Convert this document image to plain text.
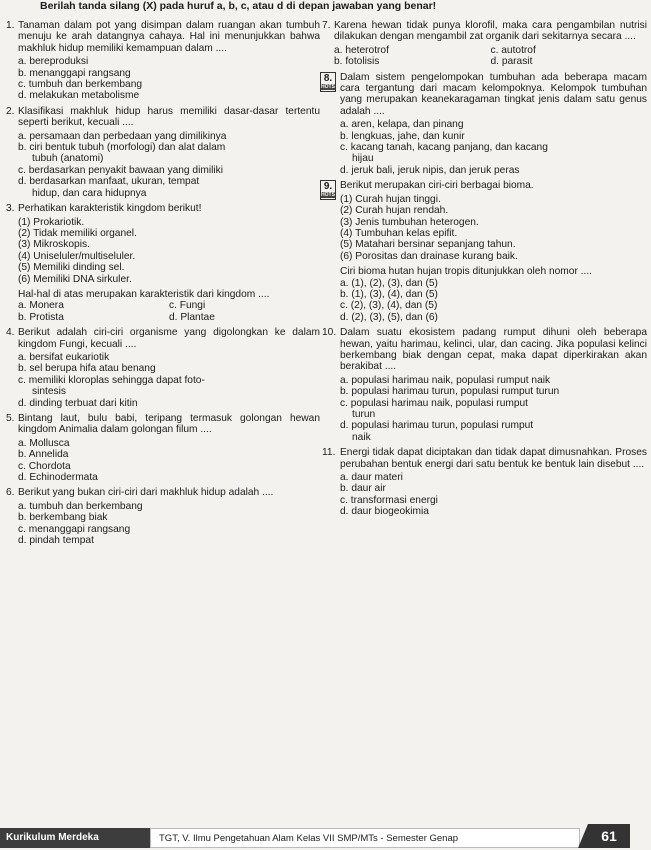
Berilah tanda silang (X) pada huruf a, b, c, atau d di depan jawaban yang benar!
1. Tanaman dalam pot yang disimpan dalam ruangan akan tumbuh menuju ke arah datangnya cahaya. Hal ini menunjukkan bahwa makhluk hidup memiliki kemampuan dalam ....
a. bereproduksi
b. menanggapi rangsang
c. tumbuh dan berkembang
d. melakukan metabolisme
2. Klasifikasi makhluk hidup harus memiliki dasar-dasar tertentu seperti berikut, kecuali ....
a. persamaan dan perbedaan yang dimilikinya
b. ciri bentuk tubuh (morfologi) dan alat dalam
tubuh (anatomi)
c. berdasarkan penyakit bawaan yang dimiliki
d. berdasarkan manfaat, ukuran, tempat
hidup, dan cara hidupnya
3. Perhatikan karakteristik kingdom berikut!
(1) Prokariotik.
(2) Tidak memiliki organel.
(3) Mikroskopis.
(4) Uniseluler/multiseluler.
(5) Memiliki dinding sel.
(6) Memiliki DNA sirkuler.
Hal-hal di atas merupakan karakteristik dari kingdom ....
a. Monera	c. Fungi
b. Protista	d. Plantae
4. Berikut adalah ciri-ciri organisme yang digolongkan ke dalam kingdom Fungi, kecuali ....
a. bersifat eukariotik
b. sel berupa hifa atau benang
c. memiliki kloroplas sehingga dapat foto-
sintesis
d. dinding terbuat dari kitin
5. Bintang laut, bulu babi, teripang termasuk golongan hewan kingdom Animalia dalam golongan filum ....
a. Mollusca
b. Annelida
c. Chordota
d. Echinodermata
6. Berikut yang bukan ciri-ciri dari makhluk hidup adalah ....
a. tumbuh dan berkembang
b. berkembang biak
c. menanggapi rangsang
d. pindah tempat
7. Karena hewan tidak punya klorofil, maka cara pengambilan nutrisi dilakukan dengan mengambil zat organik dari sekitarnya secara ....
a. heterotrof	c. autotrof
b. fotolisis	d. parasit
8.
HOTS
Dalam sistem pengelompokan tumbuhan ada beberapa macam cara tergantung dari macam kelompoknya. Kelompok tumbuhan yang merupakan keanekaragaman tingkat jenis dalam satu genus adalah ....
a. aren, kelapa, dan pinang
b. lengkuas, jahe, dan kunir
c. kacang tanah, kacang panjang, dan kacang
hijau
d. jeruk bali, jeruk nipis, dan jeruk peras
9.
HOTS
Berikut merupakan ciri-ciri berbagai bioma.
(1) Curah hujan tinggi.
(2) Curah hujan rendah.
(3) Jenis tumbuhan heterogen.
(4) Tumbuhan kelas epifit.
(5) Matahari bersinar sepanjang tahun.
(6) Porositas dan drainase kurang baik.
Ciri bioma hutan hujan tropis ditunjukkan oleh nomor ....
a. (1), (2), (3), dan (5)
b. (1), (3), (4), dan (5)
c. (2), (3), (4), dan (5)
d. (2), (3), (5), dan (6)
10. Dalam suatu ekosistem padang rumput dihuni oleh beberapa hewan, yaitu harimau, kelinci, ular, dan cacing. Jika populasi kelinci berkembang biak dengan cepat, maka dapat diperkirakan akan berakibat ....
a. populasi harimau naik, populasi rumput naik
b. populasi harimau turun, populasi rumput turun
c. populasi harimau naik, populasi rumput
turun
d. populasi harimau turun, populasi rumput
naik
11. Energi tidak dapat diciptakan dan tidak dapat dimusnahkan. Proses perubahan bentuk energi dari satu bentuk ke bentuk lain disebut ....
a. daur materi
b. daur air
c. transformasi energi
d. daur biogeokimia
Kurikulum Merdeka	TGT, V. Ilmu Pengetahuan Alam Kelas VII SMP/MTs - Semester Genap	61
